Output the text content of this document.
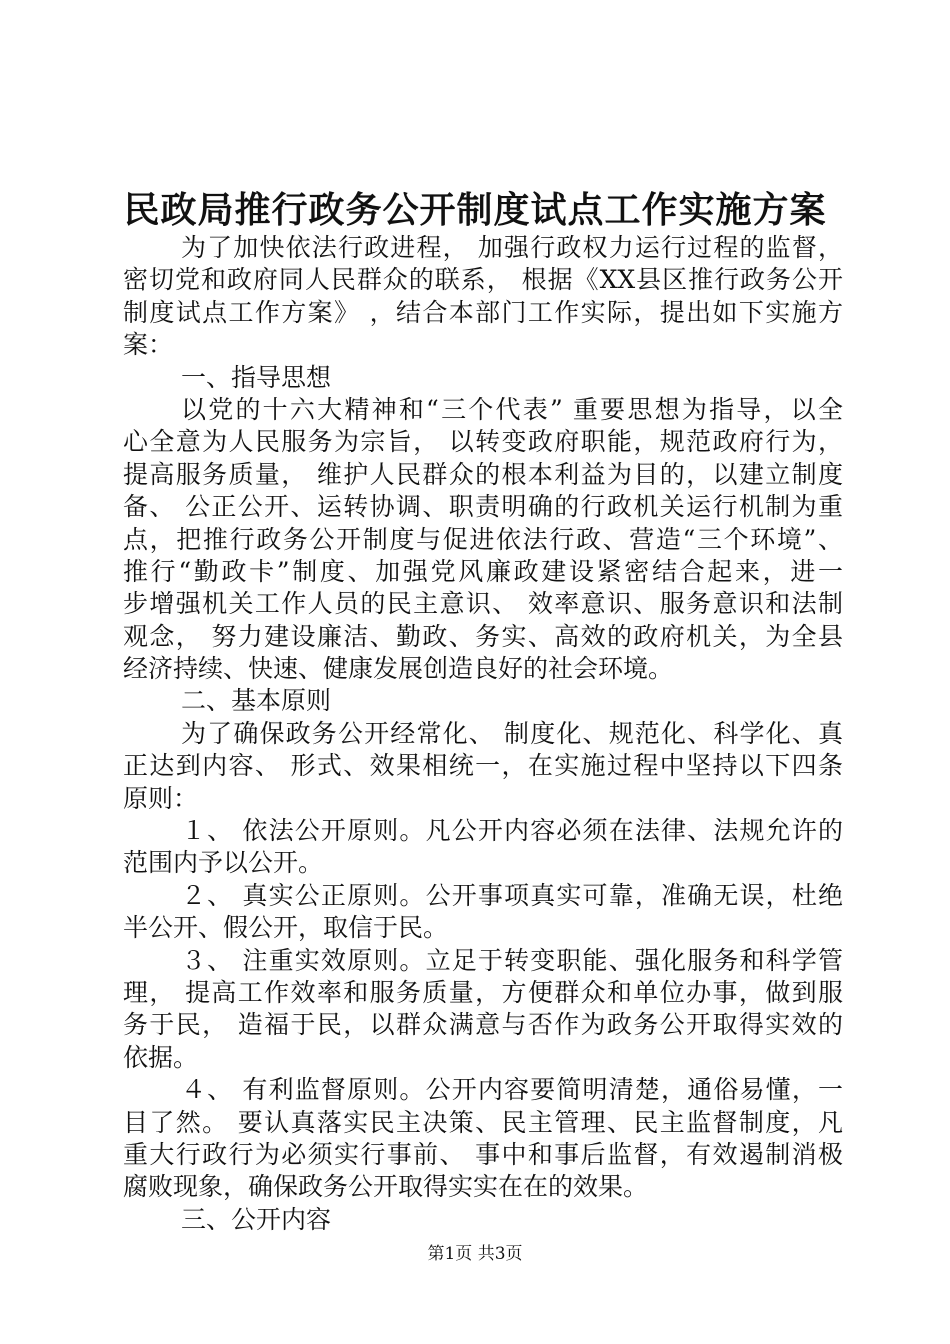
民政局推行政务公开制度试点工作实施方案
为了加快依法行政进程， 加强行政权力运行过程的监督，
密切党和政府同人民群众的联系， 根据《XX县区推行政务公开
制度试点工作方案》 ，结合本部门工作实际，提出如下实施方
案：
一、指导思想
以党的十六大精神和“三个代表” 重要思想为指导，以全
心全意为人民服务为宗旨， 以转变政府职能，规范政府行为，
提高服务质量， 维护人民群众的根本利益为目的，以建立制度
备、 公正公开、运转协调、职责明确的行政机关运行机制为重
点，把推行政务公开制度与促进依法行政、营造“三个环境”、
推行“勤政卡”制度、加强党风廉政建设紧密结合起来，进一
步增强机关工作人员的民主意识、 效率意识、服务意识和法制
观念， 努力建设廉洁、勤政、务实、高效的政府机关，为全县
经济持续、快速、健康发展创造良好的社会环境。
二、基本原则
为了确保政务公开经常化、 制度化、规范化、科学化、真
正达到内容、 形式、效果相统一，在实施过程中坚持以下四条
原则：
１、 依法公开原则。凡公开内容必须在法律、法规允许的
范围内予以公开。
２、 真实公正原则。公开事项真实可靠，准确无误，杜绝
半公开、假公开，取信于民。
３、 注重实效原则。立足于转变职能、强化服务和科学管
理， 提高工作效率和服务质量，方便群众和单位办事，做到服
务于民， 造福于民，以群众满意与否作为政务公开取得实效的
依据。
４、 有利监督原则。公开内容要简明清楚，通俗易懂，一
目了然。 要认真落实民主决策、民主管理、民主监督制度，凡
重大行政行为必须实行事前、 事中和事后监督，有效遏制消极
腐败现象，确保政务公开取得实实在在的效果。
三、公开内容
第1页 共3页
